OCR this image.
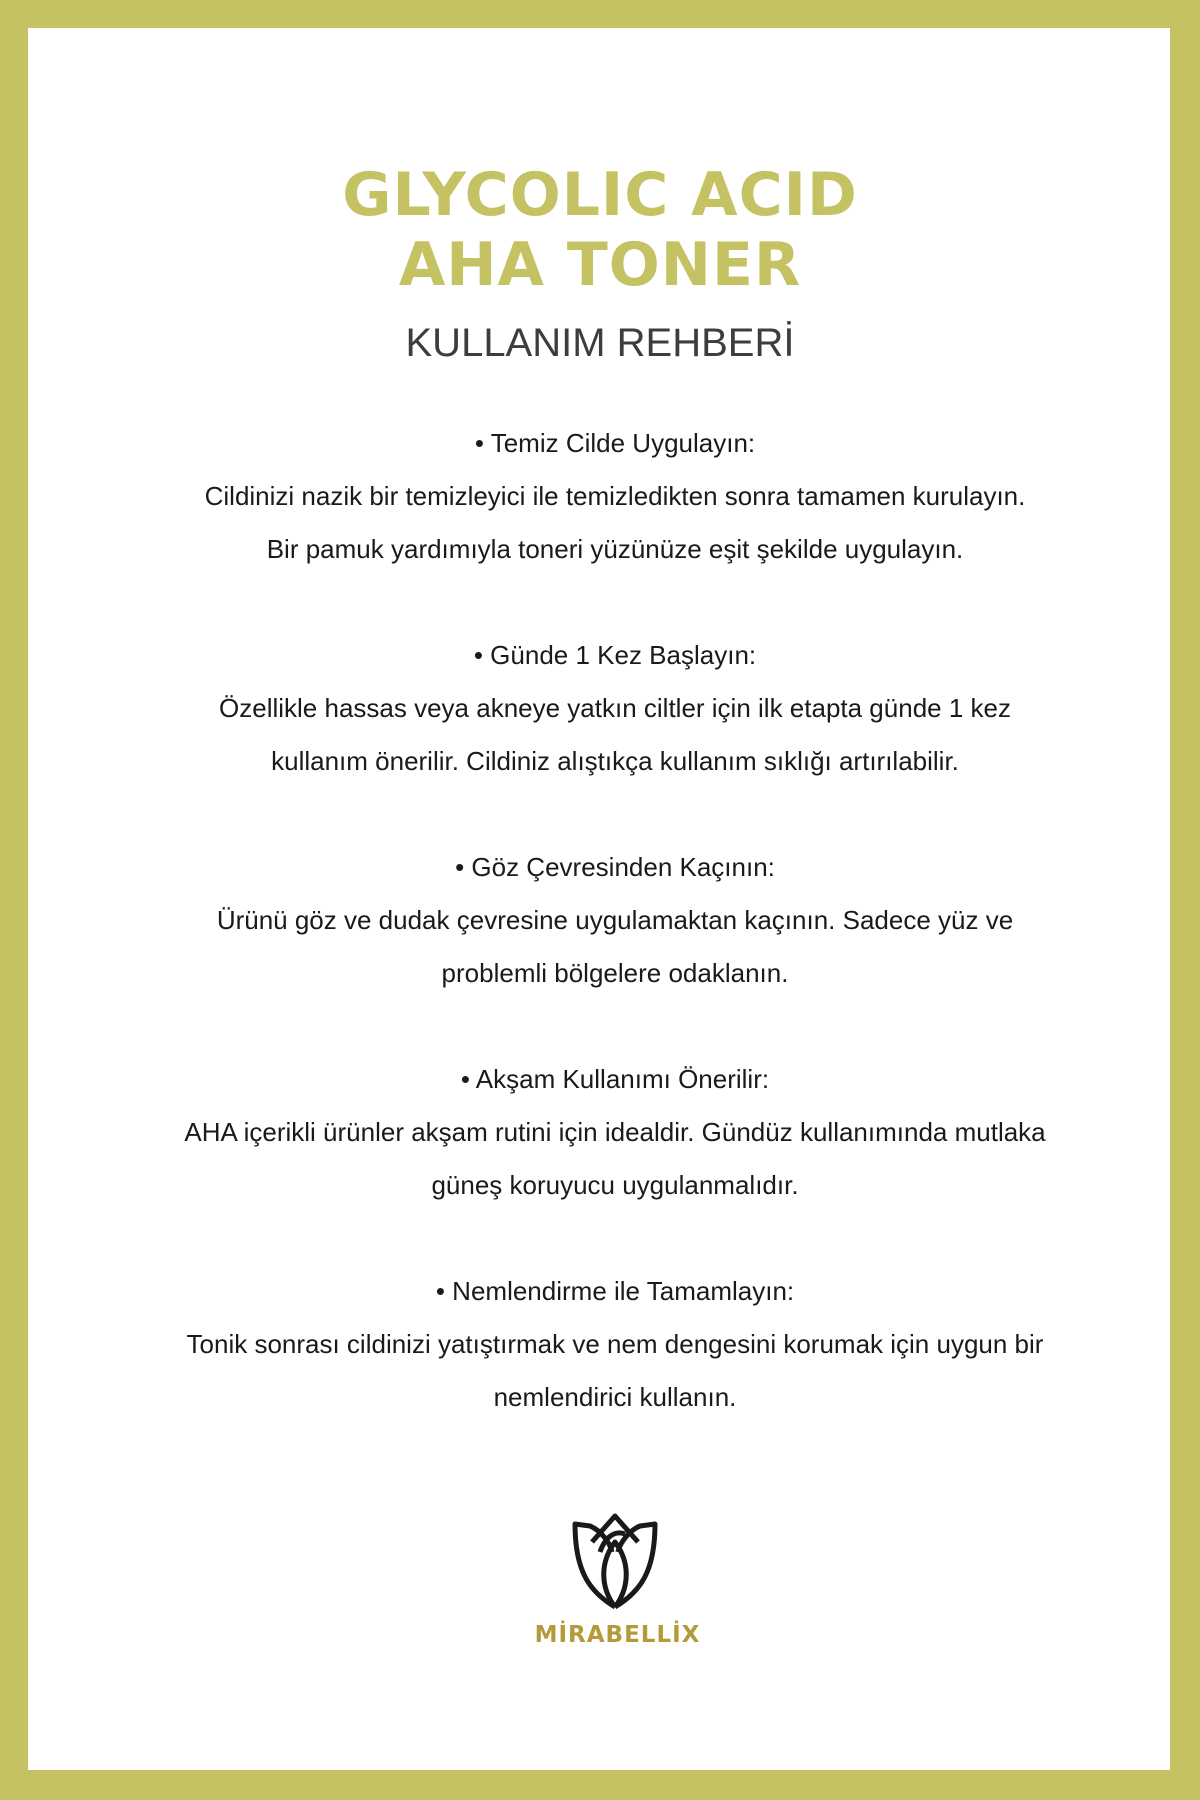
GLYCOLIC ACID
AHA TONER
KULLANIM REHBERİ
• Temiz Cilde Uygulayın:
Cildinizi nazik bir temizleyici ile temizledikten sonra tamamen kurulayın.
Bir pamuk yardımıyla toneri yüzünüze eşit şekilde uygulayın.
• Günde 1 Kez Başlayın:
Özellikle hassas veya akneye yatkın ciltler için ilk etapta günde 1 kez
kullanım önerilir. Cildiniz alıştıkça kullanım sıklığı artırılabilir.
• Göz Çevresinden Kaçının:
Ürünü göz ve dudak çevresine uygulamaktan kaçının. Sadece yüz ve
problemli bölgelere odaklanın.
• Akşam Kullanımı Önerilir:
AHA içerikli ürünler akşam rutini için idealdir. Gündüz kullanımında mutlaka
güneş koruyucu uygulanmalıdır.
• Nemlendirme ile Tamamlayın:
Tonik sonrası cildinizi yatıştırmak ve nem dengesini korumak için uygun bir
nemlendirici kullanın.
MİRABELLİX
